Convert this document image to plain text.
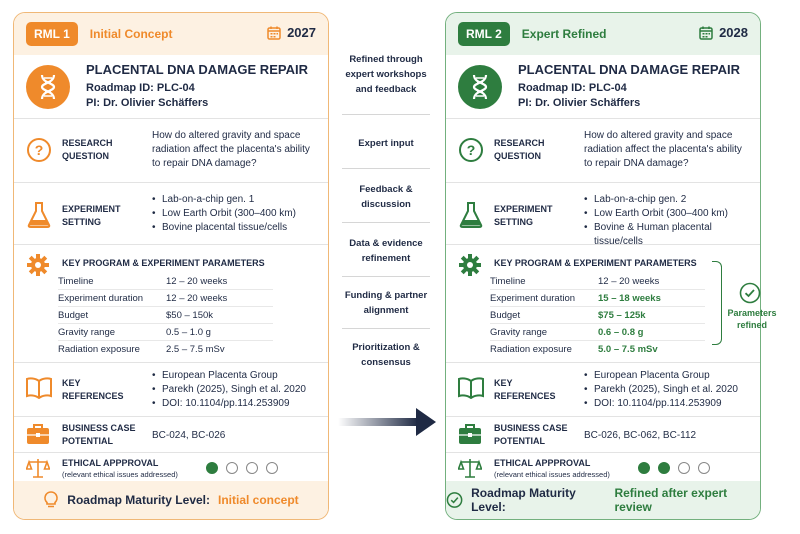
RML 1	Initial Concept	2027
PLACENTAL DNA DAMAGE REPAIR
Roadmap ID: PLC-04
PI: Dr. Olivier Schäffers
? RESEARCH QUESTION
How do altered gravity and space radiation affect the placenta's ability to repair DNA damage?
EXPERIMENT SETTING
• Lab-on-a-chip gen. 1
• Low Earth Orbit (300–400 km)
• Bovine placental tissue/cells
KEY PROGRAM & EXPERIMENT PARAMETERS
Timeline	12 – 20 weeks
Experiment duration	12 – 20 weeks
Budget	$50 – 150k
Gravity range	0.5 – 1.0 g
Radiation exposure	2.5 – 7.5 mSv
KEY REFERENCES
• European Placenta Group
• Parekh (2025), Singh et al. 2020
• DOI: 10.1104/pp.114.253909
BUSINESS CASE POTENTIAL	BC-024, BC-026
ETHICAL APPPROVAL
(relevant ethical issues addressed)
Roadmap Maturity Level: Initial concept
Refined through expert workshops and feedback
Expert input
Feedback & discussion
Data & evidence refinement
Funding & partner alignment
Prioritization & consensus
RML 2	Expert Refined	2028
PLACENTAL DNA DAMAGE REPAIR
Roadmap ID: PLC-04
PI: Dr. Olivier Schäffers
? RESEARCH QUESTION
How do altered gravity and space radiation affect the placenta's ability to repair DNA damage?
EXPERIMENT SETTING
• Lab-on-a-chip gen. 2
• Low Earth Orbit (300–400 km)
• Bovine & Human placental tissue/cells
KEY PROGRAM & EXPERIMENT PARAMETERS
Timeline	12 – 20 weeks
Experiment duration	15 – 18 weeks
Budget	$75 – 125k
Gravity range	0.6 – 0.8 g
Radiation exposure	5.0 – 7.5 mSv
KEY REFERENCES
• European Placenta Group
• Parekh (2025), Singh et al. 2020
• DOI: 10.1104/pp.114.253909
BUSINESS CASE POTENTIAL	BC-026, BC-062, BC-112
ETHICAL APPPROVAL
(relevant ethical issues addressed)
Roadmap Maturity Level:
Refined after expert review
Parameters refined
